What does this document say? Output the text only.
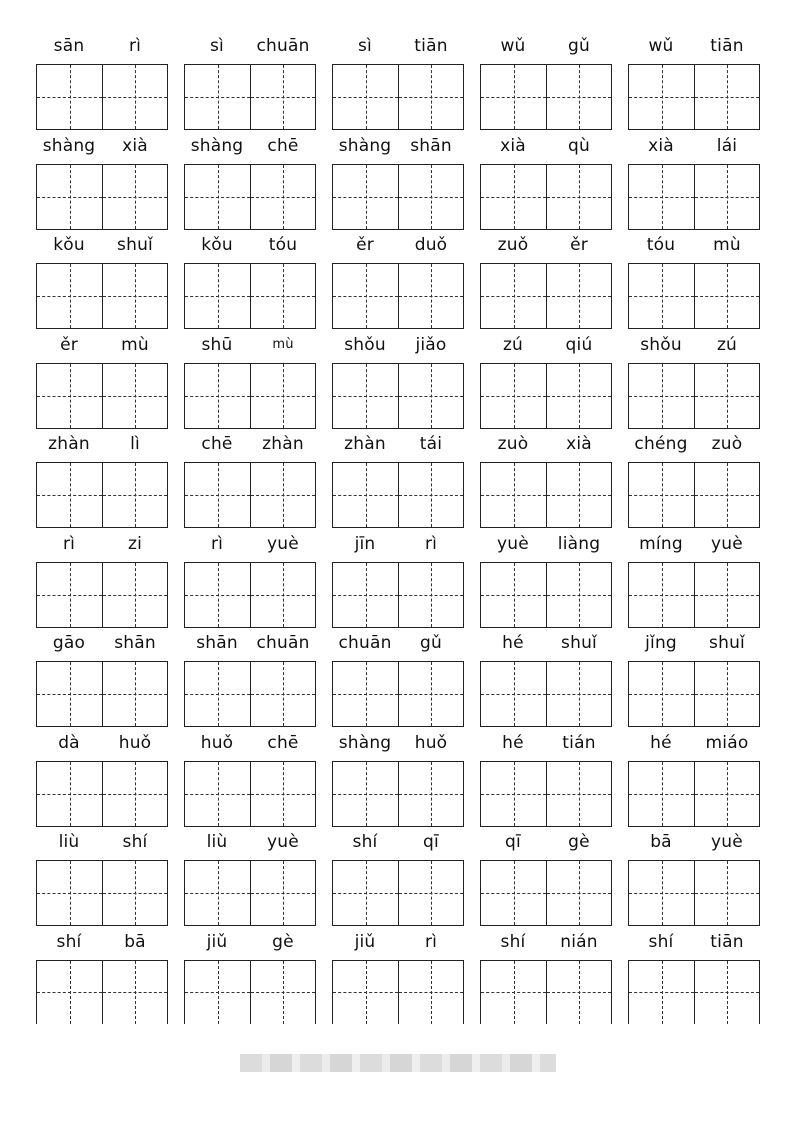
sān	rì	sì	chuān	sì	tiān	wǔ	gǔ	wǔ	tiān
shàng	xià	shàng	chē	shàng	shān	xià	qù	xià	lái
kǒu	shuǐ	kǒu	tóu	ěr	duǒ	zuǒ	ěr	tóu	mù
ěr	mù	shū	mù	shǒu	jiǎo	zú	qiú	shǒu	zú
zhàn	lì	chē	zhàn	zhàn	tái	zuò	xià	chéng	zuò
rì	zi	rì	yuè	jīn	rì	yuè	liàng	míng	yuè
gāo	shān	shān	chuān	chuān	gǔ	hé	shuǐ	jǐng	shuǐ
dà	huǒ	huǒ	chē	shàng	huǒ	hé	tián	hé	miáo
liù	shí	liù	yuè	shí	qī	qī	gè	bā	yuè
shí	bā	jiǔ	gè	jiǔ	rì	shí	nián	shí	tiān
